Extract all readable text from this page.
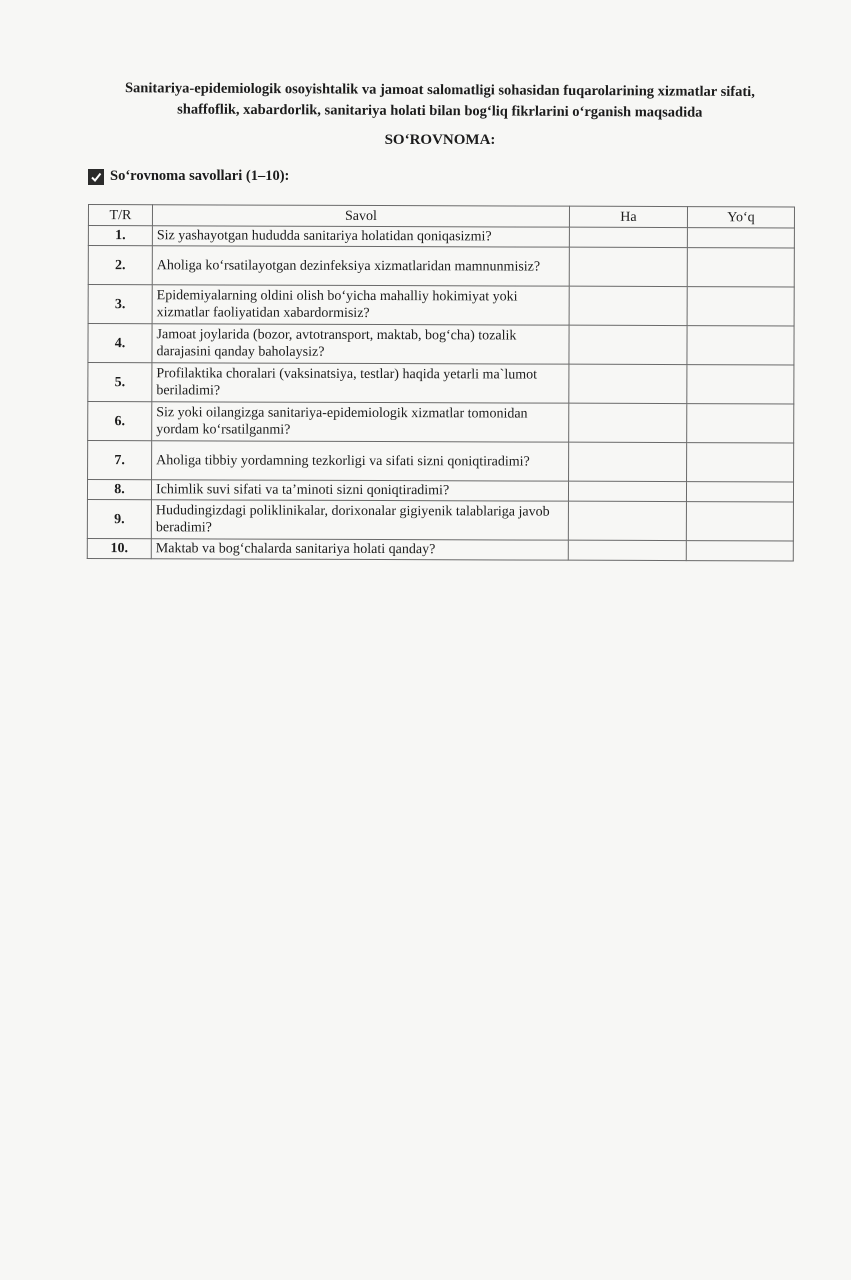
Sanitariya-epidemiologik osoyishtalik va jamoat salomatligi sohasidan fuqarolarining xizmatlar sifati, shaffoflik, xabardorlik, sanitariya holati bilan bog‘liq fikrlarini o‘rganish maqsadida
SO‘ROVNOMA:
So‘rovnoma savollari (1–10):
T/R	Savol	Ha	Yo‘q
1.	Siz yashayotgan hududda sanitariya holatidan qoniqasizmi?		
2.	Aholiga ko‘rsatilayotgan dezinfeksiya xizmatlaridan mamnunmisiz?		
3.	Epidemiyalarning oldini olish bo‘yicha mahalliy hokimiyat yoki xizmatlar faoliyatidan xabardormisiz?		
4.	Jamoat joylarida (bozor, avtotransport, maktab, bog‘cha) tozalik darajasini qanday baholaysiz?		
5.	Profilaktika choralari (vaksinatsiya, testlar) haqida yetarli ma`lumot beriladimi?		
6.	Siz yoki oilangizga sanitariya-epidemiologik xizmatlar tomonidan yordam ko‘rsatilganmi?		
7.	Aholiga tibbiy yordamning tezkorligi va sifati sizni qoniqtiradimi?		
8.	Ichimlik suvi sifati va ta’minoti sizni qoniqtiradimi?		
9.	Hududingizdagi poliklinikalar, dorixonalar gigiyenik talablariga javob beradimi?		
10.	Maktab va bog‘chalarda sanitariya holati qanday?		
